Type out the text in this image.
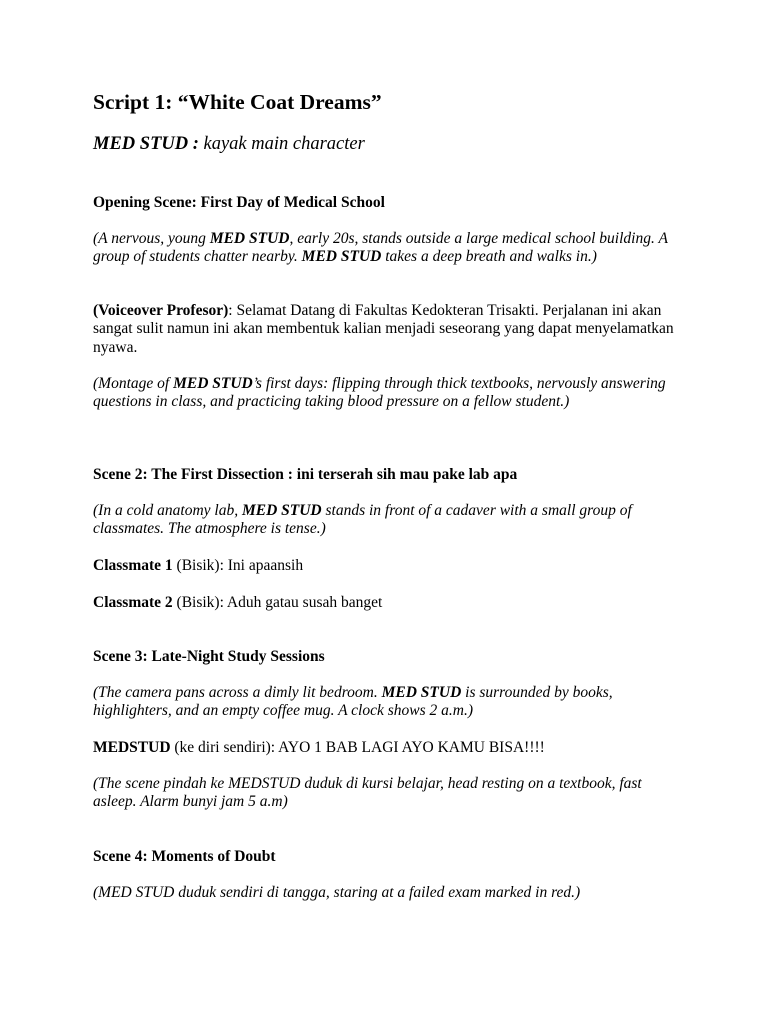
Script 1: “White Coat Dreams”

MED STUD : kayak main character

Opening Scene: First Day of Medical School

(A nervous, young MED STUD, early 20s, stands outside a large medical school building. A group of students chatter nearby. MED STUD takes a deep breath and walks in.)

(Voiceover Profesor): Selamat Datang di Fakultas Kedokteran Trisakti. Perjalanan ini akan sangat sulit namun ini akan membentuk kalian menjadi seseorang yang dapat menyelamatkan nyawa.

(Montage of MED STUD’s first days: flipping through thick textbooks, nervously answering questions in class, and practicing taking blood pressure on a fellow student.)

Scene 2: The First Dissection : ini terserah sih mau pake lab apa

(In a cold anatomy lab, MED STUD stands in front of a cadaver with a small group of classmates. The atmosphere is tense.)

Classmate 1 (Bisik): Ini apaansih

Classmate 2 (Bisik): Aduh gatau susah banget

Scene 3: Late-Night Study Sessions

(The camera pans across a dimly lit bedroom. MED STUD is surrounded by books, highlighters, and an empty coffee mug. A clock shows 2 a.m.)

MEDSTUD (ke diri sendiri): AYO 1 BAB LAGI AYO KAMU BISA!!!!

(The scene pindah ke MEDSTUD duduk di kursi belajar, head resting on a textbook, fast asleep. Alarm bunyi jam 5 a.m)

Scene 4: Moments of Doubt

(MED STUD duduk sendiri di tangga, staring at a failed exam marked in red.)
